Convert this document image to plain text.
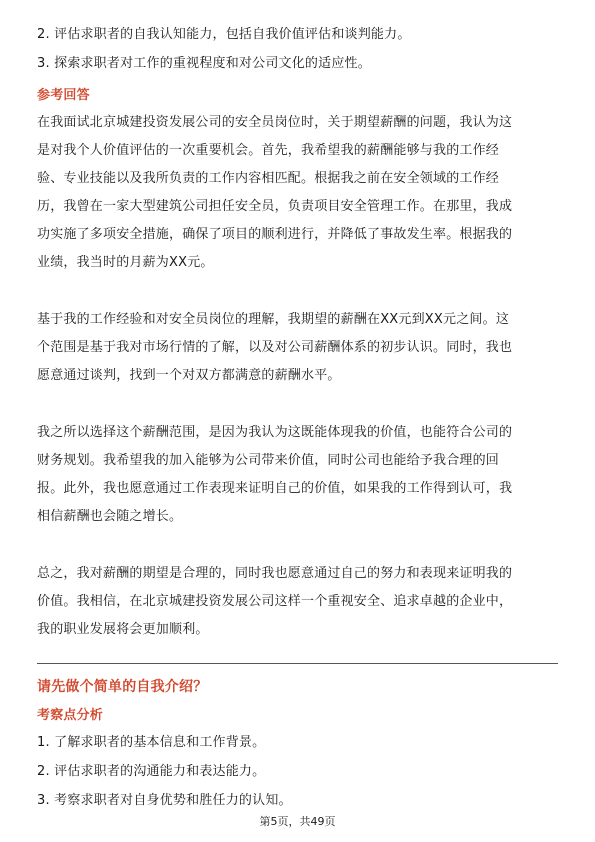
2. 评估求职者的自我认知能力，包括自我价值评估和谈判能力。
3. 探索求职者对工作的重视程度和对公司文化的适应性。
参考回答
在我面试北京城建投资发展公司的安全员岗位时，关于期望薪酬的问题，我认为这
是对我个人价值评估的一次重要机会。首先，我希望我的薪酬能够与我的工作经
验、专业技能以及我所负责的工作内容相匹配。根据我之前在安全领域的工作经
历，我曾在一家大型建筑公司担任安全员，负责项目安全管理工作。在那里，我成
功实施了多项安全措施，确保了项目的顺利进行，并降低了事故发生率。根据我的
业绩，我当时的月薪为XX元。
基于我的工作经验和对安全员岗位的理解，我期望的薪酬在XX元到XX元之间。这
个范围是基于我对市场行情的了解，以及对公司薪酬体系的初步认识。同时，我也
愿意通过谈判，找到一个对双方都满意的薪酬水平。
我之所以选择这个薪酬范围，是因为我认为这既能体现我的价值，也能符合公司的
财务规划。我希望我的加入能够为公司带来价值，同时公司也能给予我合理的回
报。此外，我也愿意通过工作表现来证明自己的价值，如果我的工作得到认可，我
相信薪酬也会随之增长。
总之，我对薪酬的期望是合理的，同时我也愿意通过自己的努力和表现来证明我的
价值。我相信，在北京城建投资发展公司这样一个重视安全、追求卓越的企业中，
我的职业发展将会更加顺利。
请先做个简单的自我介绍？
考察点分析
1. 了解求职者的基本信息和工作背景。
2. 评估求职者的沟通能力和表达能力。
3. 考察求职者对自身优势和胜任力的认知。
第5页，共49页
